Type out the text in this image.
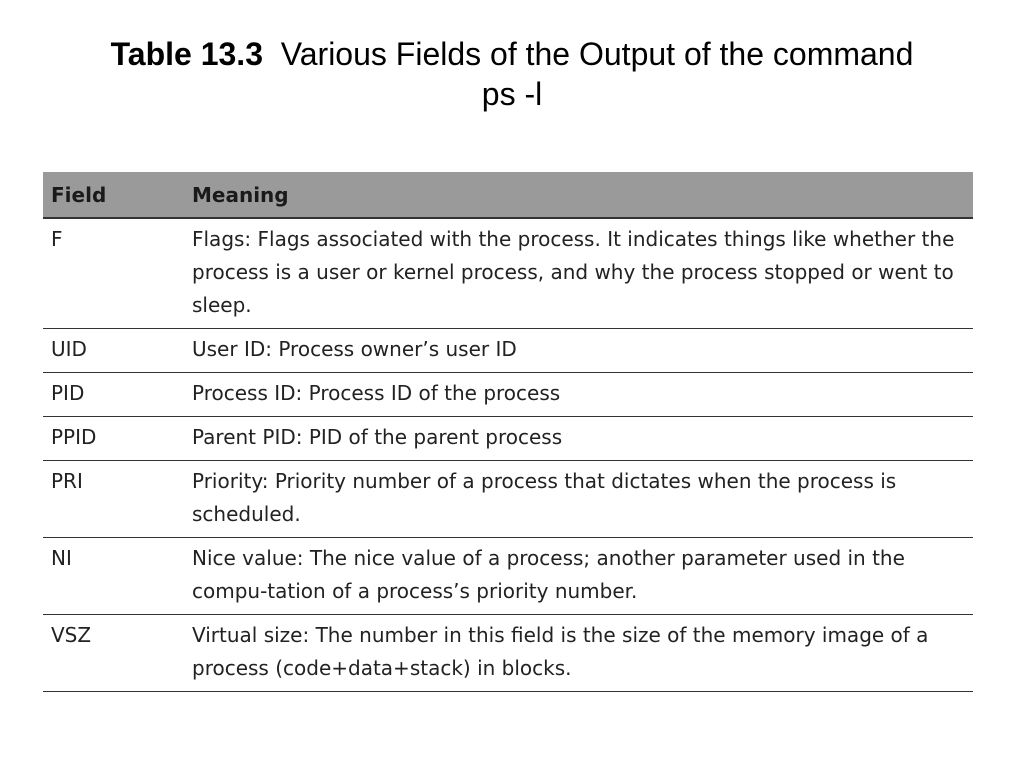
Table 13.3 Various Fields of the Output of the command
ps -l
Field	Meaning
F	Flags: Flags associated with the process. It indicates things like whether the process is a user or kernel process, and why the process stopped or went to sleep.
UID	User ID: Process owner’s user ID
PID	Process ID: Process ID of the process
PPID	Parent PID: PID of the parent process
PRI	Priority: Priority number of a process that dictates when the process is scheduled.
NI	Nice value: The nice value of a process; another parameter used in the compu-tation of a process’s priority number.
VSZ	Virtual size: The number in this field is the size of the memory image of a process (code+data+stack) in blocks.
